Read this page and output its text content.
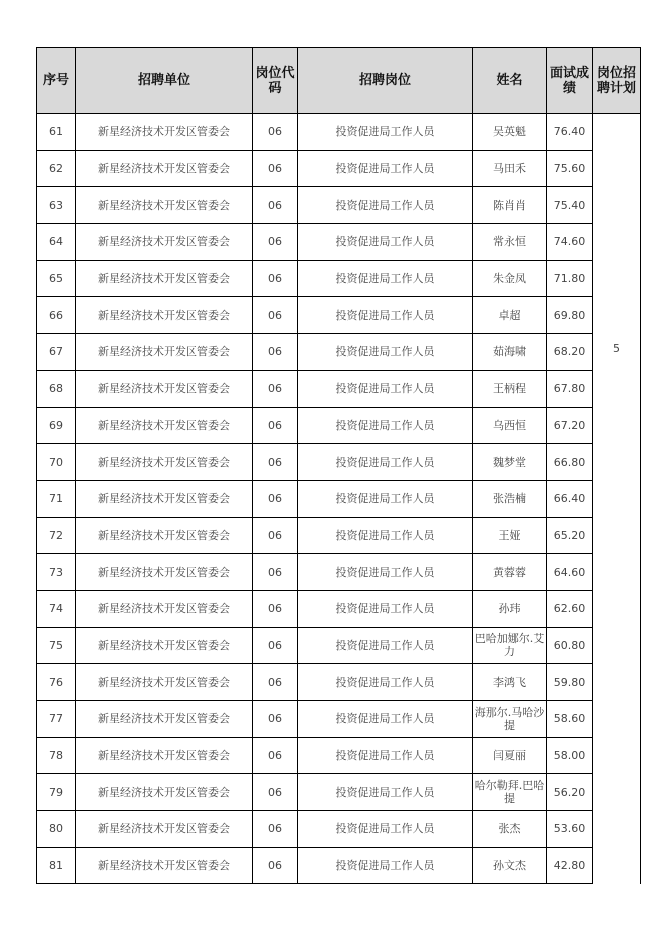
序号	招聘单位	岗位代码	招聘岗位	姓名	面试成绩	岗位招聘计划
61	新星经济技术开发区管委会	06	投资促进局工作人员	吴英魁	76.40	5
62	新星经济技术开发区管委会	06	投资促进局工作人员	马田禾	75.60	
63	新星经济技术开发区管委会	06	投资促进局工作人员	陈肖肖	75.40	
64	新星经济技术开发区管委会	06	投资促进局工作人员	常永恒	74.60	
65	新星经济技术开发区管委会	06	投资促进局工作人员	朱金凤	71.80	
66	新星经济技术开发区管委会	06	投资促进局工作人员	卓超	69.80	
67	新星经济技术开发区管委会	06	投资促进局工作人员	茹海啸	68.20	
68	新星经济技术开发区管委会	06	投资促进局工作人员	王柄程	67.80	
69	新星经济技术开发区管委会	06	投资促进局工作人员	乌西恒	67.20	
70	新星经济技术开发区管委会	06	投资促进局工作人员	魏梦堂	66.80	
71	新星经济技术开发区管委会	06	投资促进局工作人员	张浩楠	66.40	
72	新星经济技术开发区管委会	06	投资促进局工作人员	王娅	65.20	
73	新星经济技术开发区管委会	06	投资促进局工作人员	黄蓉蓉	64.60	
74	新星经济技术开发区管委会	06	投资促进局工作人员	孙玮	62.60	
75	新星经济技术开发区管委会	06	投资促进局工作人员	巴哈加娜尔.艾力	60.80	
76	新星经济技术开发区管委会	06	投资促进局工作人员	李鸿飞	59.80	
77	新星经济技术开发区管委会	06	投资促进局工作人员	海那尔.马哈沙提	58.60	
78	新星经济技术开发区管委会	06	投资促进局工作人员	闫夏丽	58.00	
79	新星经济技术开发区管委会	06	投资促进局工作人员	哈尔勒拜.巴哈提	56.20	
80	新星经济技术开发区管委会	06	投资促进局工作人员	张杰	53.60	
81	新星经济技术开发区管委会	06	投资促进局工作人员	孙文杰	42.80	
